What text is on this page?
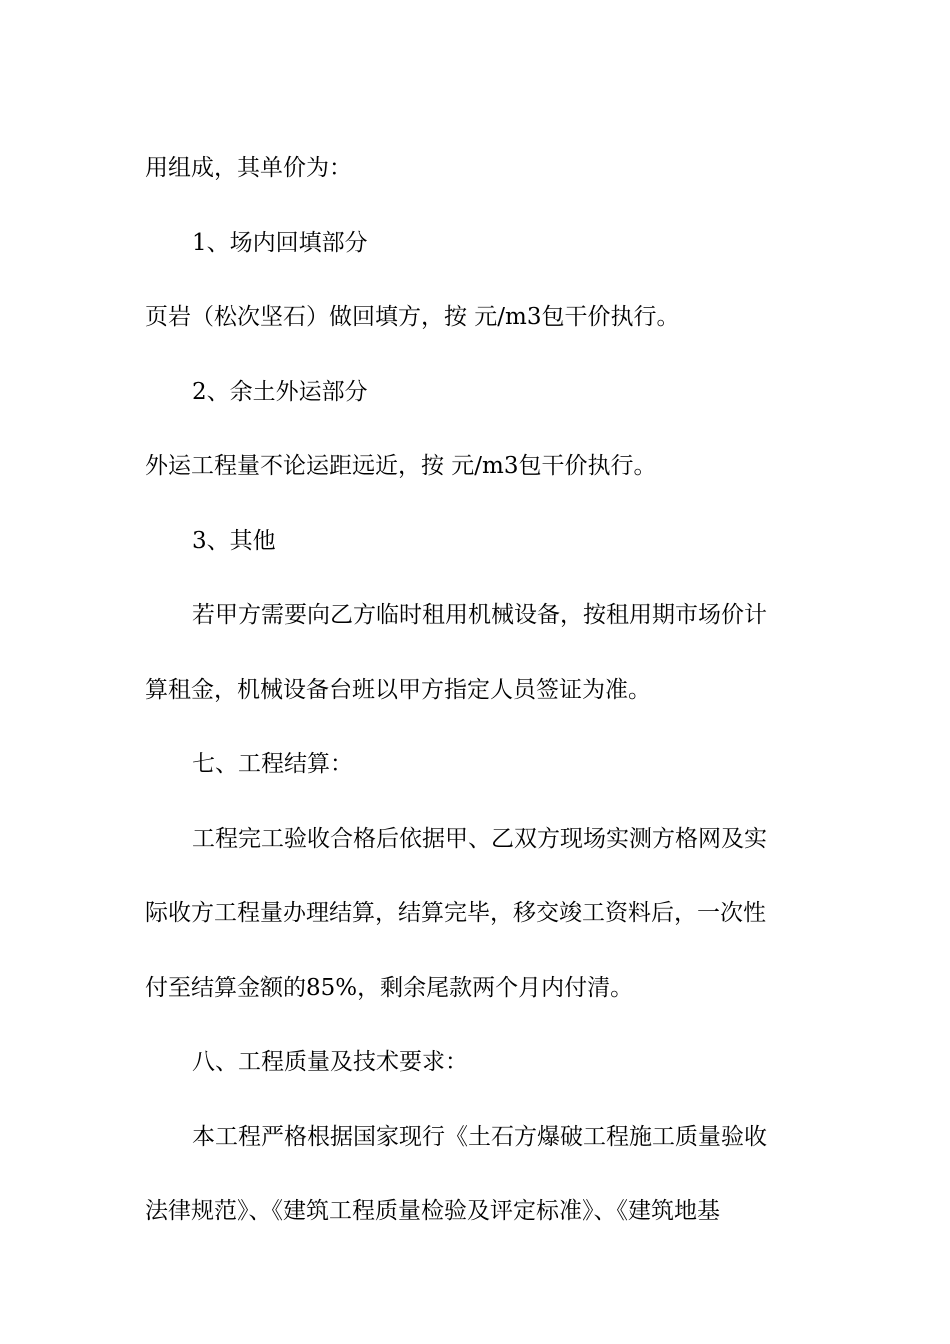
用组成，其单价为：
1、场内回填部分
页岩（松次坚石）做回填方，按 元/m3包干价执行。
2、余土外运部分
外运工程量不论运距远近，按 元/m3包干价执行。
3、其他
若甲方需要向乙方临时租用机械设备，按租用期市场价计
算租金，机械设备台班以甲方指定人员签证为准。
七、工程结算：
工程完工验收合格后依据甲、乙双方现场实测方格网及实
际收方工程量办理结算，结算完毕，移交竣工资料后，一次性
付至结算金额的85%，剩余尾款两个月内付清。
八、工程质量及技术要求：
本工程严格根据国家现行《土石方爆破工程施工质量验收
法律规范》、《建筑工程质量检验及评定标准》、《建筑地基
